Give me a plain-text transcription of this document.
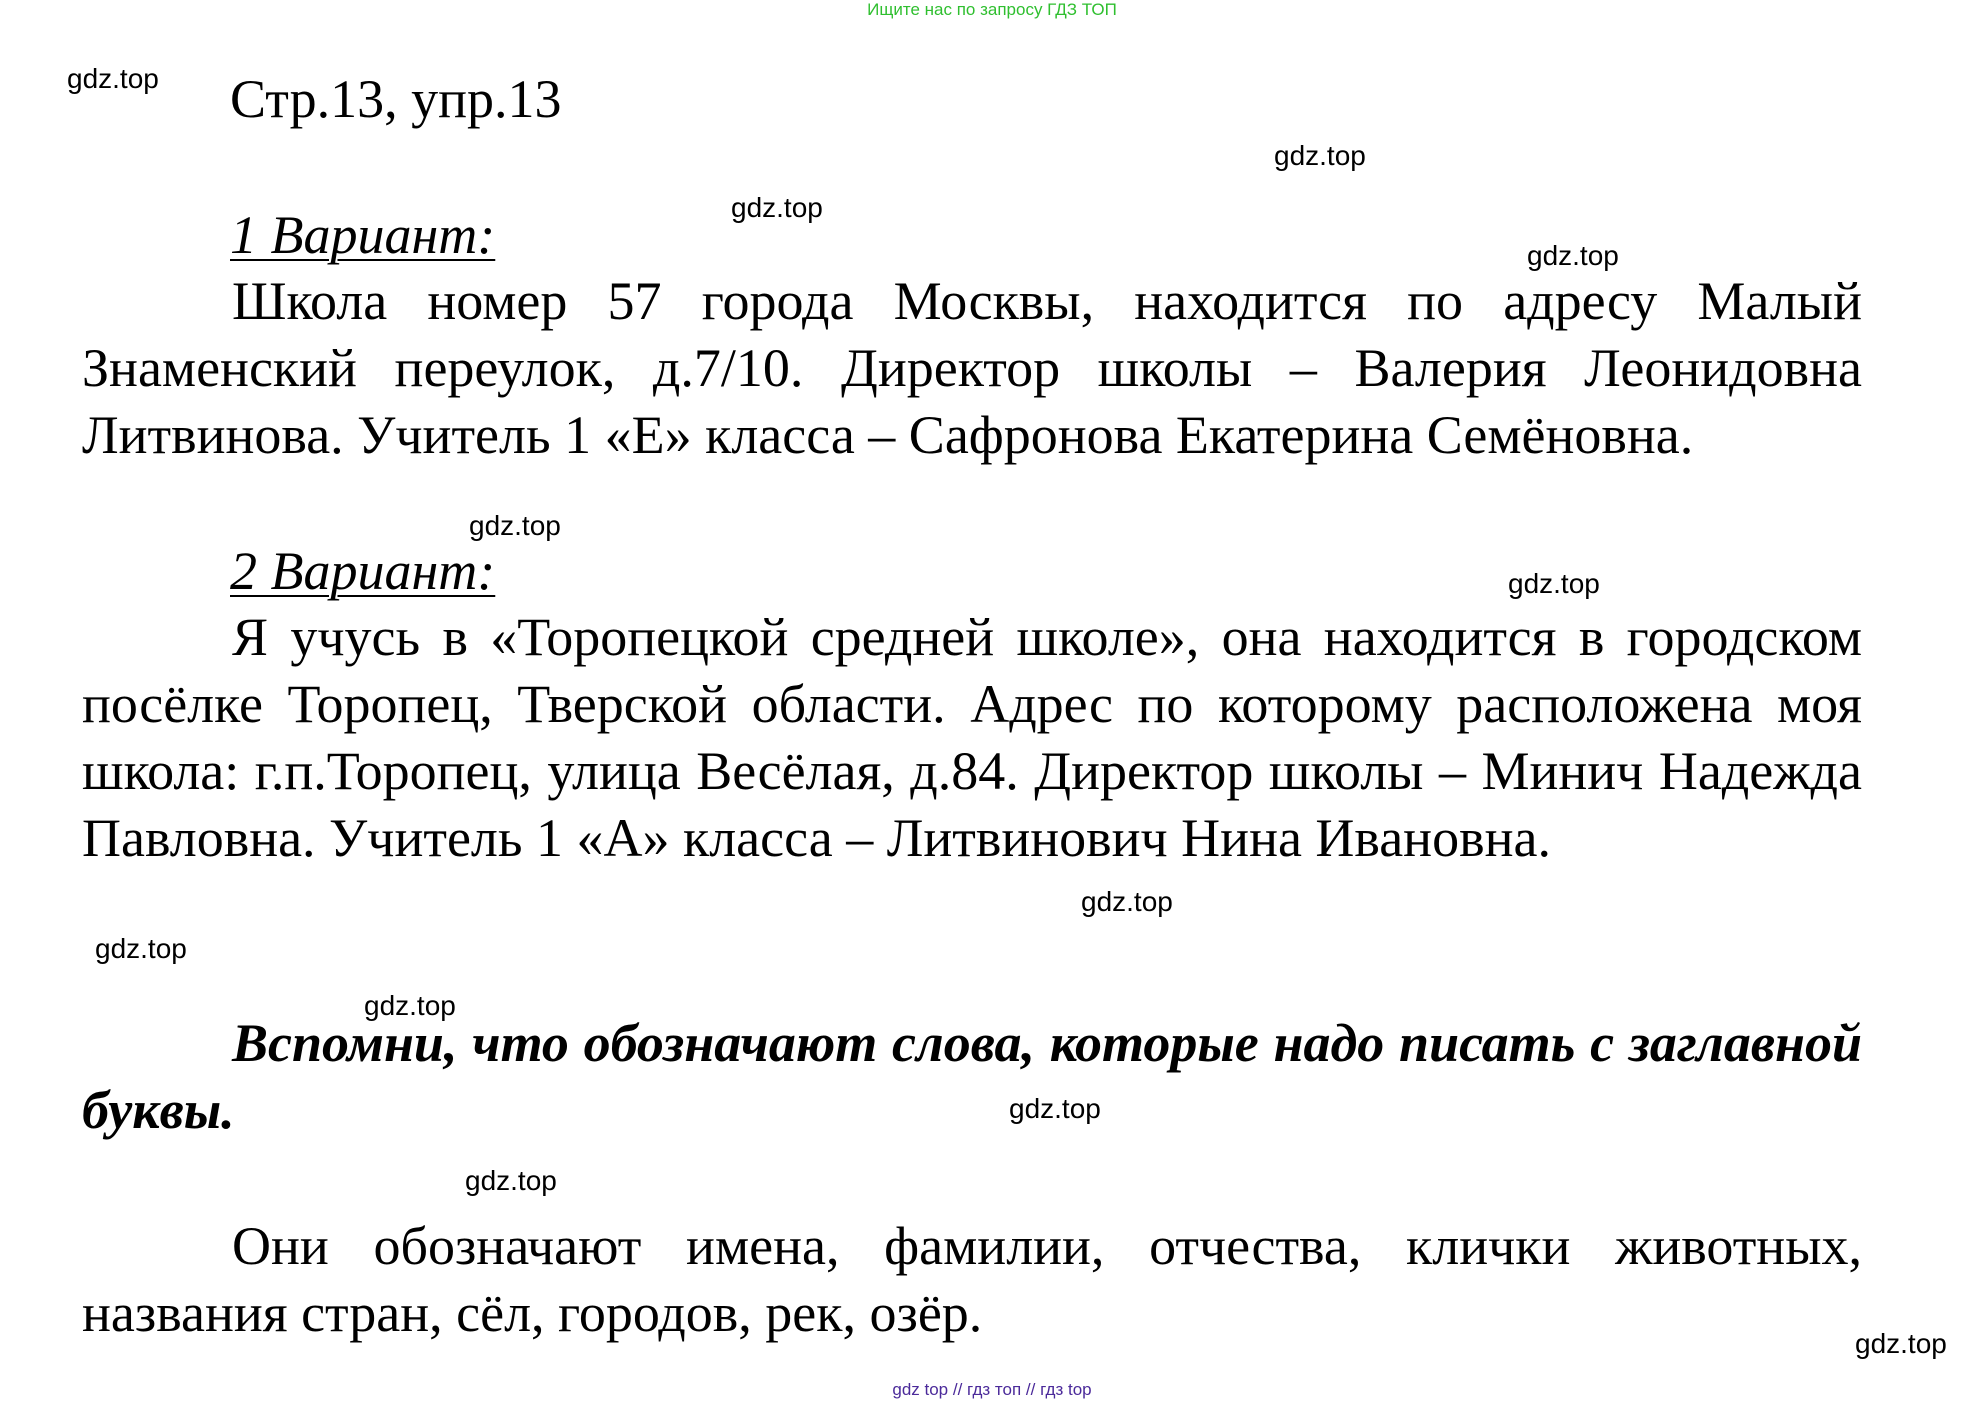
Ищите нас по запросу ГДЗ ТОП
Стр.13, упр.13
1 Вариант:
Школа номер 57 города Москвы, находится по адресу Малый Знаменский переулок, д.7/10. Директор школы – Валерия Леонидовна Литвинова. Учитель 1 «Е» класса – Сафронова Екатерина Семёновна.
2 Вариант:
Я учусь в «Торопецкой средней школе», она находится в городском посёлке Торопец, Тверской области. Адрес по которому расположена моя школа: г.п.Торопец, улица Весёлая, д.84. Директор школы – Минич Надежда Павловна. Учитель 1 «А» класса – Литвинович Нина Ивановна.
Вспомни, что обозначают слова, которые надо писать с заглавной буквы.
Они обозначают имена, фамилии, отчества, клички животных, названия стран, сёл, городов, рек, озёр.
gdz.top
gdz.top
gdz.top
gdz.top
gdz.top
gdz.top
gdz.top
gdz.top
gdz.top
gdz.top
gdz.top
gdz.top
gdz top // гдз топ // гдз top
